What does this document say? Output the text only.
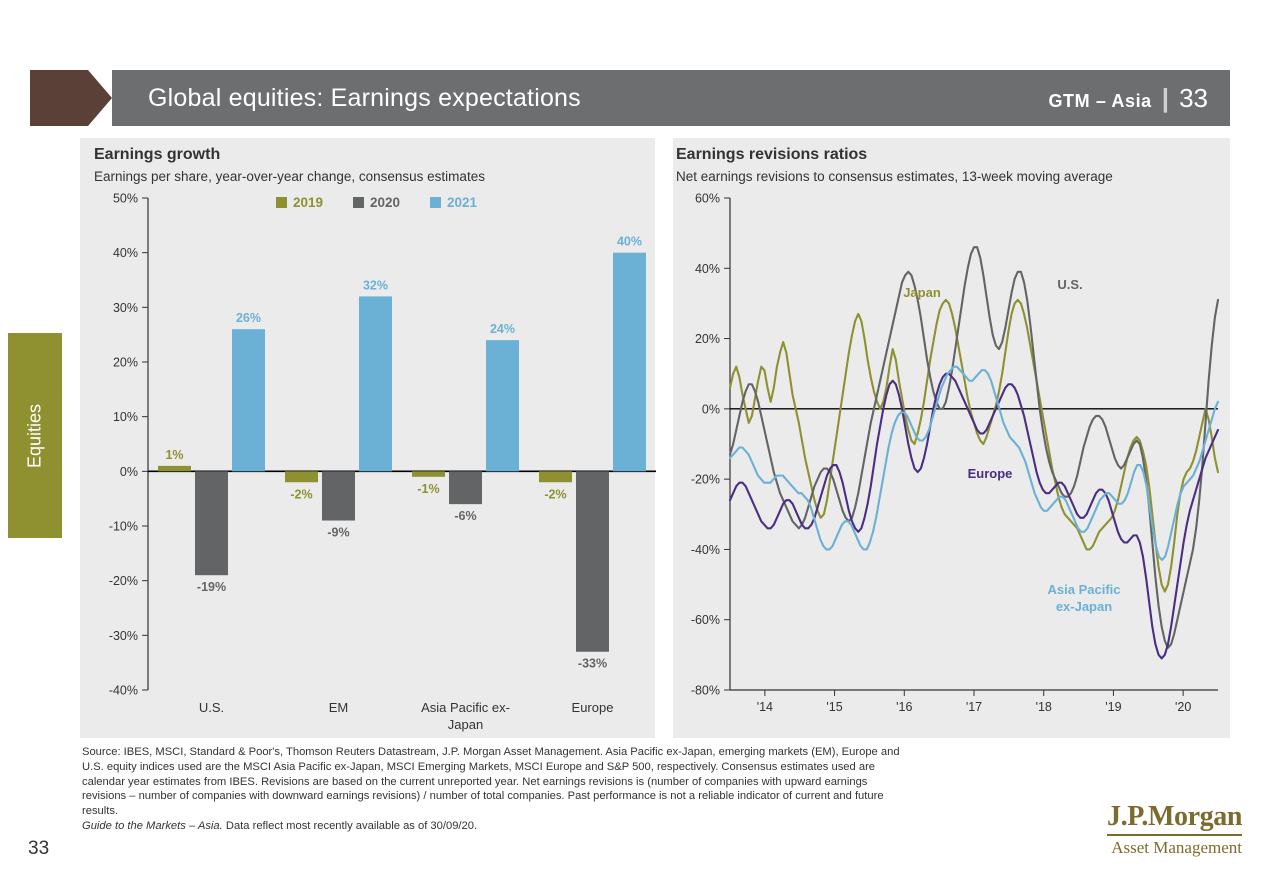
Global equities: Earnings expectations	GTM – Asia | 33
Equities
Earnings growth
Earnings per share, year-over-year change, consensus estimates
-40%
-30%
-20%
-10%
0%
10%
20%
30%
40%
50%
1%
-19%
26%
U.S.
-2%
-9%
32%
EM
-1%
-6%
24%
Asia Pacific ex-
Japan
-2%
-33%
40%
Europe
2019	2020	2021
Earnings revisions ratios
Net earnings revisions to consensus estimates, 13-week moving average
-80%
-60%
-40%
-20%
0%
20%
40%
60%
'14	'15	'16	'17	'18	'19	'20
Japan
U.S.
Europe
Asia Pacific
ex-Japan
Source: IBES, MSCI, Standard & Poor's, Thomson Reuters Datastream, J.P. Morgan Asset Management. Asia Pacific ex-Japan, emerging markets (EM), Europe and
U.S. equity indices used are the MSCI Asia Pacific ex-Japan, MSCI Emerging Markets, MSCI Europe and S&P 500, respectively. Consensus estimates used are
calendar year estimates from IBES. Revisions are based on the current unreported year. Net earnings revisions is (number of companies with upward earnings
revisions – number of companies with downward earnings revisions) / number of total companies. Past performance is not a reliable indicator of current and future
results.
Guide to the Markets – Asia. Data reflect most recently available as of 30/09/20.
33
J.P.Morgan
Asset Management
